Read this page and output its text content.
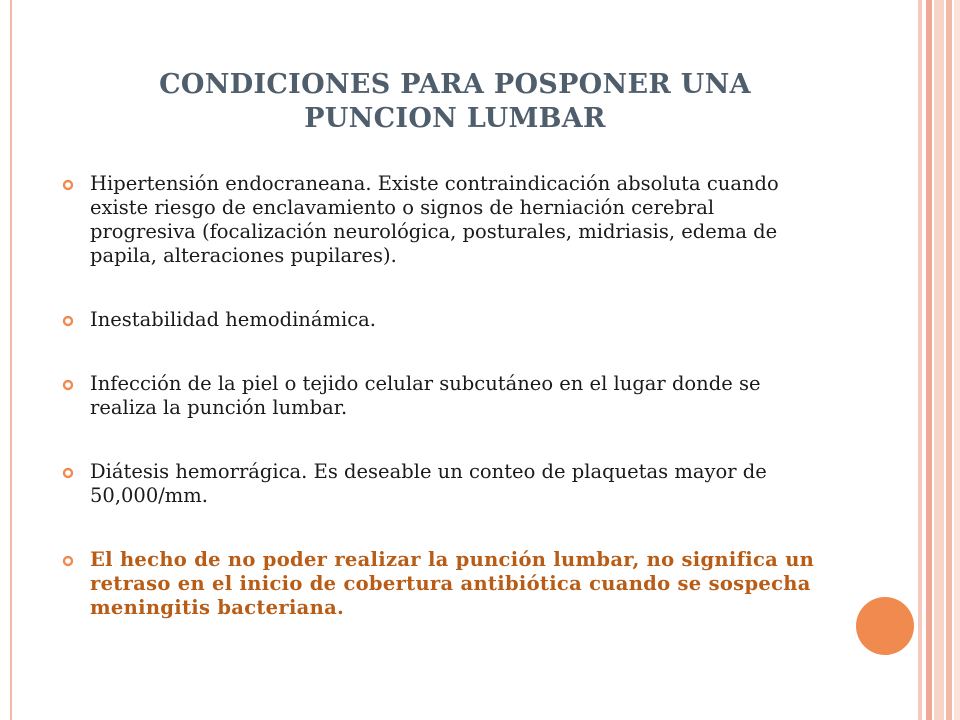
CONDICIONES PARA POSPONER UNA
PUNCION LUMBAR
Hipertensión endocraneana. Existe contraindicación absoluta cuando existe riesgo de enclavamiento o signos de herniación cerebral progresiva (focalización neurológica, posturales, midriasis, edema de papila, alteraciones pupilares).
Inestabilidad hemodinámica.
Infección de la piel o tejido celular subcutáneo en el lugar donde se realiza la punción lumbar.
Diátesis hemorrágica. Es deseable un conteo de plaquetas mayor de 50,000/mm.
El hecho de no poder realizar la punción lumbar, no significa un retraso en el inicio de cobertura antibiótica cuando se sospecha meningitis bacteriana.
